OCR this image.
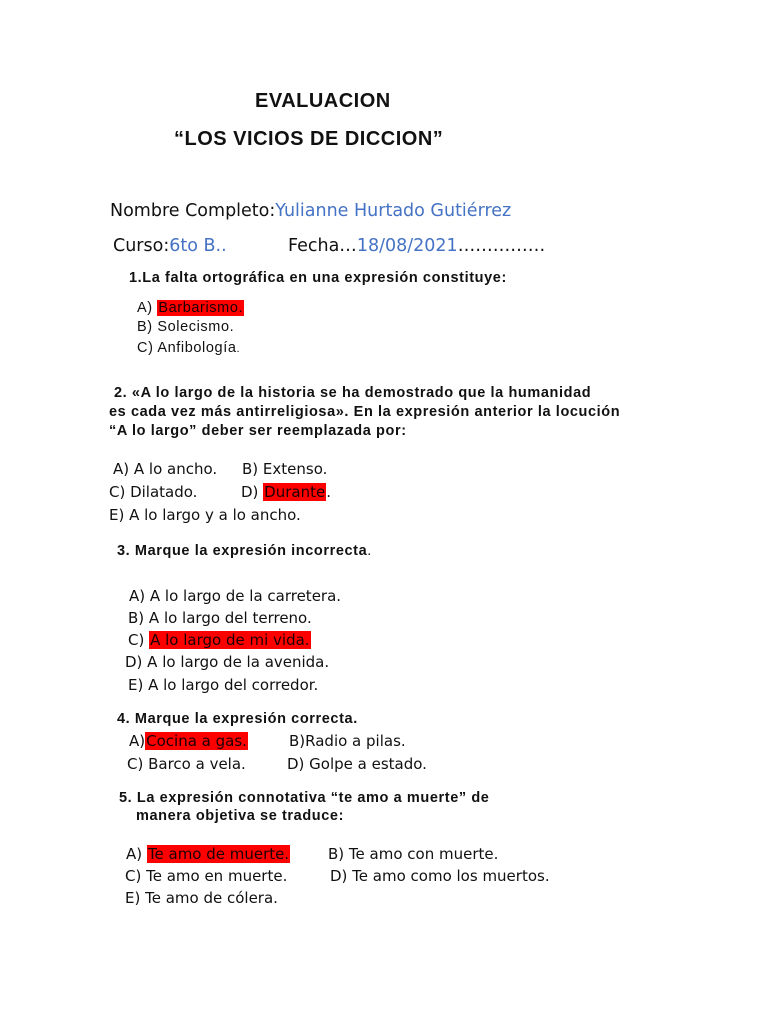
EVALUACION
“LOS VICIOS DE DICCION”
Nombre Completo:Yulianne Hurtado Gutiérrez
Curso:6to B..	Fecha…18/08/2021……………
1.La falta ortográfica en una expresión constituye:
A) Barbarismo.
B) Solecismo.
C) Anfibología.
2. «A lo largo de la historia se ha demostrado que la humanidad
es cada vez más antirreligiosa». En la expresión anterior la locución
“A lo largo” deber ser reemplazada por:
A) A lo ancho. B) Extenso.
C) Dilatado.	D) Durante.
E) A lo largo y a lo ancho.
3. Marque la expresión incorrecta.
A) A lo largo de la carretera.
B) A lo largo del terreno.
C) A lo largo de mi vida.
D) A lo largo de la avenida.
E) A lo largo del corredor.
4. Marque la expresión correcta.
A)Cocina a gas.	B)Radio a pilas.
C) Barco a vela.	D) Golpe a estado.
5. La expresión connotativa “te amo a muerte” de
manera objetiva se traduce:
A) Te amo de muerte.	B) Te amo con muerte.
C) Te amo en muerte.	D) Te amo como los muertos.
E) Te amo de cólera.
